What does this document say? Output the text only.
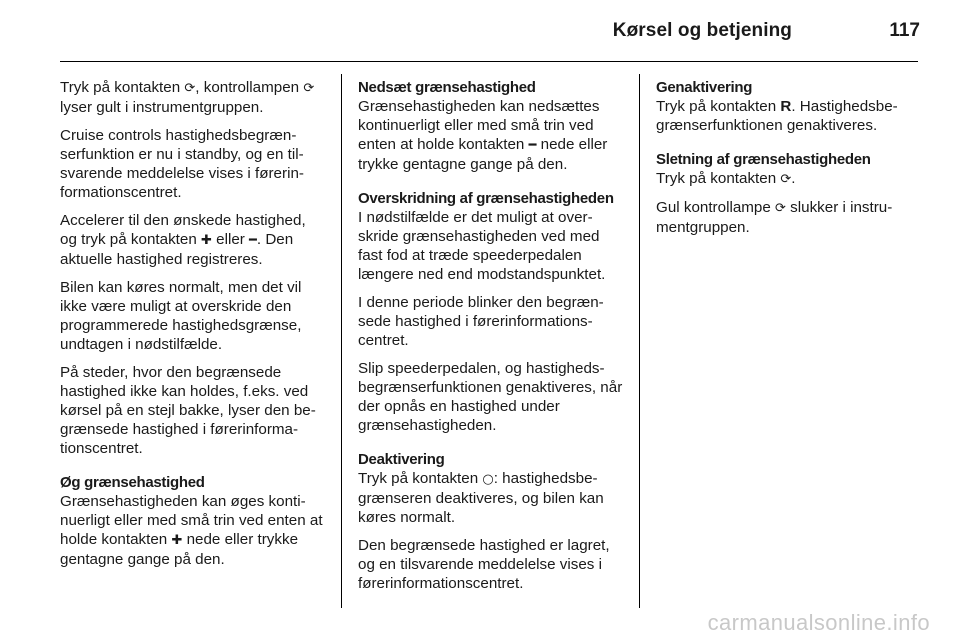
Kørsel og betjening	117

Tryk på kontakten ⟳, kontrollampen ⟳ lyser gult i instrumentgruppen.

Cruise controls hastighedsbegræn‐serfunktion er nu i standby, og en til‐svarende meddelelse vises i førerin‐formationscentret.

Accelerer til den ønskede hastighed, og tryk på kontakten ✚ eller ━. Den aktuelle hastighed registreres.

Bilen kan køres normalt, men det vil ikke være muligt at overskride den programmerede hastighedsgrænse, undtagen i nødstilfælde.

På steder, hvor den begrænsede hastighed ikke kan holdes, f.eks. ved kørsel på en stejl bakke, lyser den be‐grænsede hastighed i førerinforma‐tionscentret.

Øg grænsehastighed

Grænsehastigheden kan øges konti‐nuerligt eller med små trin ved enten at holde kontakten ✚ nede eller trykke gentagne gange på den.

Nedsæt grænsehastighed

Grænsehastigheden kan nedsættes kontinuerligt eller med små trin ved enten at holde kontakten ━ nede eller trykke gentagne gange på den.

Overskridning af grænsehastigheden

I nødstilfælde er det muligt at over‐skride grænsehastigheden ved med fast fod at træde speederpedalen længere ned end modstandspunktet.

I denne periode blinker den begræn‐sede hastighed i førerinformations‐centret.

Slip speederpedalen, og hastigheds‐begrænserfunktionen genaktiveres, når der opnås en hastighed under grænsehastigheden.

Deaktivering

Tryk på kontakten ○: hastighedsbe‐grænseren deaktiveres, og bilen kan køres normalt.

Den begrænsede hastighed er lagret, og en tilsvarende meddelelse vises i førerinformationscentret.

Genaktivering

Tryk på kontakten R. Hastighedsbe‐grænserfunktionen genaktiveres.

Sletning af grænsehastigheden

Tryk på kontakten ⟳.

Gul kontrollampe ⟳ slukker i instru‐mentgruppen.

carmanualsonline.info
